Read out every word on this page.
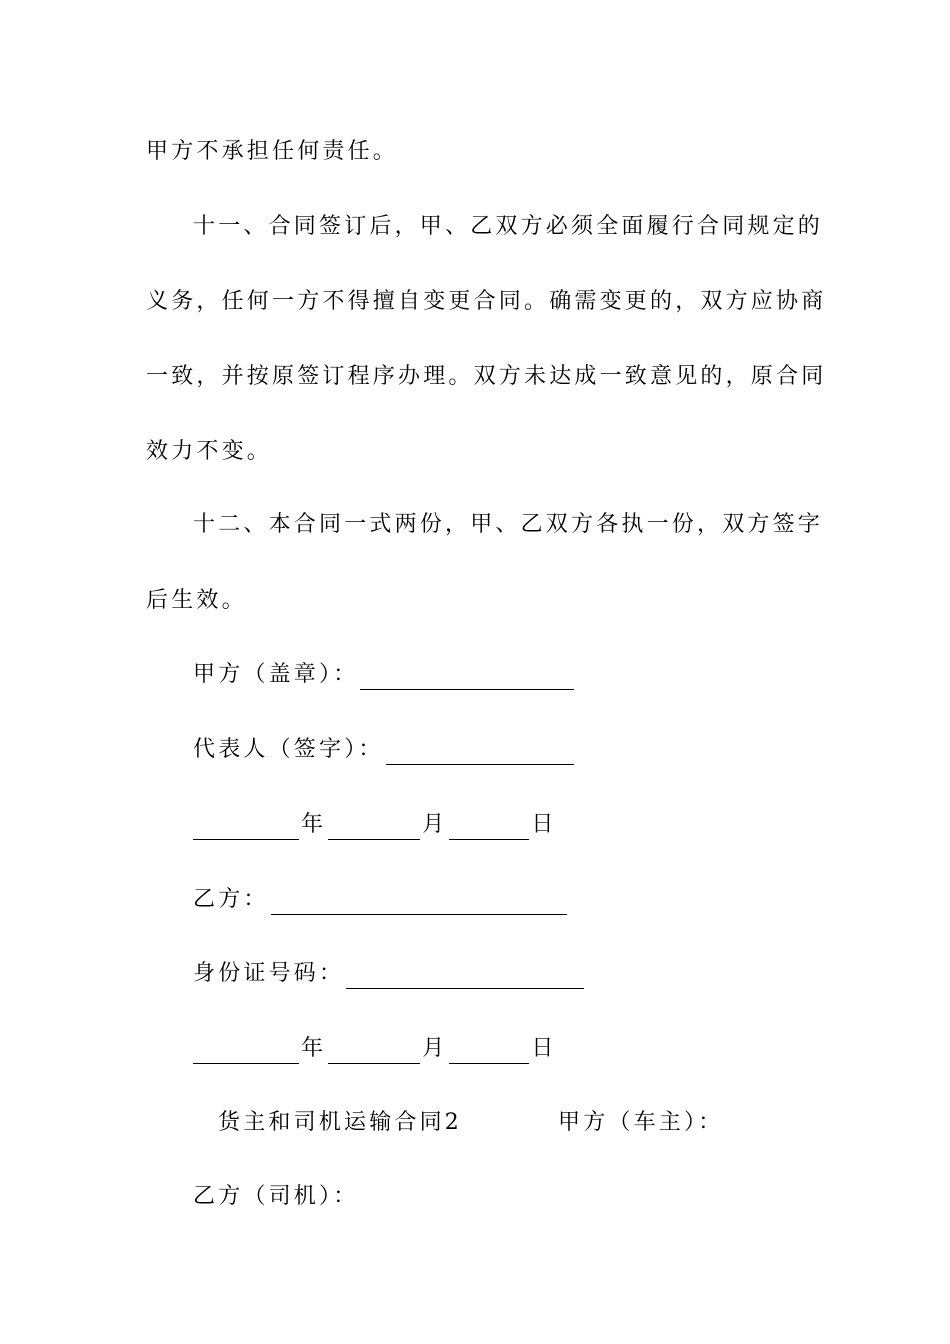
甲方不承担任何责任。
十一、合同签订后，甲、乙双方必须全面履行合同规定的
义务，任何一方不得擅自变更合同。确需变更的，双方应协商
一致，并按原签订程序办理。双方未达成一致意见的，原合同
效力不变。
十二、本合同一式两份，甲、乙双方各执一份，双方签字
后生效。
甲方（盖章）：
代表人（签字）：
年	月	日
乙方：
身份证号码：
年	月	日
货主和司机运输合同2	甲方（车主）：
乙方（司机）：
